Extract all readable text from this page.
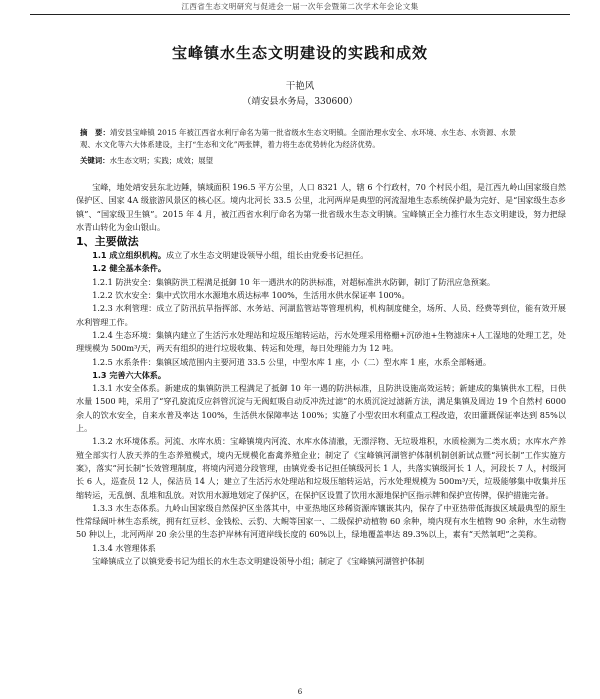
江西省生态文明研究与促进会一届一次年会暨第二次学术年会论文集
宝峰镇水生态文明建设的实践和成效
干艳风
（靖安县水务局，330600）
摘　要：靖安县宝峰镇 2015 年被江西省水利厅命名为第一批省级水生态文明镇。全面治理水安全、水环境、水生态、水资源、水景观、水文化等六大体系建设，主打“生态和文化”两张牌，着力将生态优势转化为经济优势。
关键词：水生态文明；实践；成效；展望

宝峰，地处靖安县东北边陲，镇域面积 196.5 平方公里，人口 8321 人，辖 6 个行政村，70 个村民小组，是江西九岭山国家级自然保护区、国家 4A 级旅游风景区的核心区。境内北河长 33.5 公里，北河两岸是典型的河流湿地生态系统保护最为完好、是“国家级生态乡镇”、“国家级卫生镇”。2015 年 4 月，被江西省水利厅命名为第一批省级水生态文明镇。宝峰镇正全力推行水生态文明建设，努力把绿水青山转化为金山银山。

1、主要做法

1.1 成立组织机构。成立了水生态文明建设领导小组，组长由党委书记担任。

1.2 健全基本条件。

1.2.1 防洪安全：集镇防洪工程满足抵御 10 年一遇洪水的防洪标准，对超标准洪水防御，制订了防汛应急预案。

1.2.2 饮水安全：集中式饮用水水源地水质达标率 100%，生活用水供水保证率 100%。

1.2.3 水利管理：成立了防汛抗旱指挥部、水务站、河湖监管站等管理机构，机构制度健全，场所、人员、经费等到位，能有效开展水利管理工作。

1.2.4 生态环境：集镇内建立了生活污水处理站和垃圾压缩转运站，污水处理采用格栅+沉砂池+生物滤床+人工湿地的处理工艺，处理规模为 500m³/天，两天有组织的进行垃圾收集、转运和处理，每日处理能力为 12 吨。

1.2.5 水系条件：集镇区域范围内主要河道 33.5 公里，中型水库 1 座，小（二）型水库 1 座，水系全部畅通。

1.3 完善六大体系。

1.3.1 水安全体系。新建成的集镇防洪工程满足了抵御 10 年一遇的防洪标准，且防洪设施高效运转；新建成的集镇供水工程，日供水量 1500 吨，采用了“穿孔旋流反应斜管沉淀与无阀虹吸自动反冲洗过滤”的水质沉淀过滤新方法，满足集镇及周边 19 个自然村 6000 余人的饮水安全，自来水普及率达 100%，生活供水保障率达 100%；实施了小型农田水利重点工程改造，农田灌溉保证率达到 85%以上。

1.3.2 水环境体系。河流、水库水质：宝峰镇境内河流、水库水体清澈，无漂浮物、无垃圾堆积，水质检测为二类水质；水库水产养殖全部实行人放天养的生态养殖模式，境内无规模化畜禽养殖企业；制定了《宝峰镇河湖管护体制机制创新试点暨“河长制”工作实施方案》，落实“河长制”长效管理制度，将境内河道分段管理，由镇党委书记担任镇级河长 1 人，共落实镇级河长 1 人，河段长 7 人，村级河长 6 人，巡查员 12 人，保洁员 14 人；建立了生活污水处理站和垃圾压缩转运站，污水处理规模为 500m³/天，垃圾能够集中收集并压缩转运，无乱倒、乱堆和乱放。对饮用水源地划定了保护区，在保护区设置了饮用水源地保护区指示牌和保护宣传牌，保护措施完备。

1.3.3 水生态体系。九岭山国家级自然保护区坐落其中，中亚热地区珍稀资源库镶嵌其内，保存了中亚热带低海拔区域最典型的原生性常绿阔叶林生态系统，拥有红豆杉、金钱松、云豹、大鲵等国家一、二级保护动植物 60 余种，境内现有水生植物 90 余种，水生动物 50 种以上，北河两岸 20 余公里的生态护岸林有河道岸线长度的 60%以上，绿地覆盖率达 89.3%以上，素有“天然氧吧”之美称。

1.3.4 水管理体系

宝峰镇成立了以镇党委书记为组长的水生态文明建设领导小组；制定了《宝峰镇河湖管护体制

6
